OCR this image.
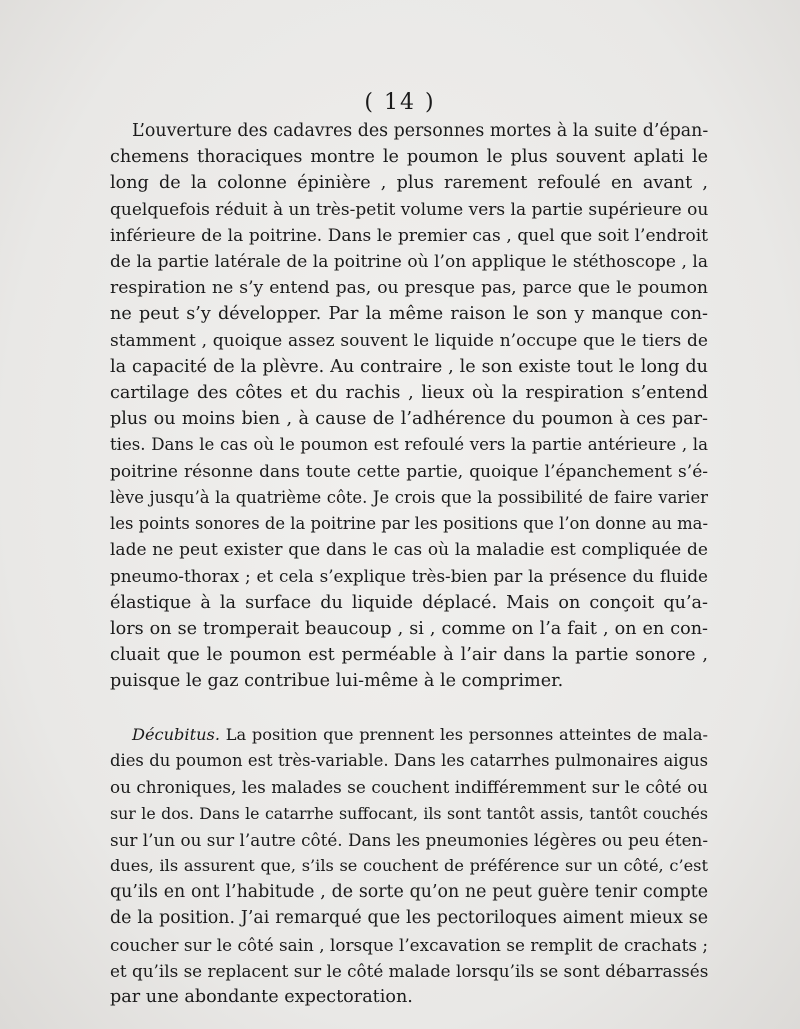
( 14 )
L’ouverture des cadavres des personnes mortes à la suite d’épan-
chemens thoraciques montre le poumon le plus souvent aplati le
long de la colonne épinière , plus rarement refoulé en avant ,
quelquefois réduit à un très-petit volume vers la partie supérieure ou
inférieure de la poitrine. Dans le premier cas , quel que soit l’endroit
de la partie latérale de la poitrine où l’on applique le stéthoscope , la
respiration ne s’y entend pas, ou presque pas, parce que le poumon
ne peut s’y développer. Par la même raison le son y manque con-
stamment , quoique assez souvent le liquide n’occupe que le tiers de
la capacité de la plèvre. Au contraire , le son existe tout le long du
cartilage des côtes et du rachis , lieux où la respiration s’entend
plus ou moins bien , à cause de l’adhérence du poumon à ces par-
ties. Dans le cas où le poumon est refoulé vers la partie antérieure , la
poitrine résonne dans toute cette partie, quoique l’épanchement s’é-
lève jusqu’à la quatrième côte. Je crois que la possibilité de faire varier
les points sonores de la poitrine par les positions que l’on donne au ma-
lade ne peut exister que dans le cas où la maladie est compliquée de
pneumo-thorax ; et cela s’explique très-bien par la présence du fluide
élastique à la surface du liquide déplacé. Mais on conçoit qu’a-
lors on se tromperait beaucoup , si , comme on l’a fait , on en con-
cluait que le poumon est perméable à l’air dans la partie sonore ,
puisque le gaz contribue lui-même à le comprimer.
Décubitus. La position que prennent les personnes atteintes de mala-
dies du poumon est très-variable. Dans les catarrhes pulmonaires aigus
ou chroniques, les malades se couchent indifféremment sur le côté ou
sur le dos. Dans le catarrhe suffocant, ils sont tantôt assis, tantôt couchés
sur l’un ou sur l’autre côté. Dans les pneumonies légères ou peu éten-
dues, ils assurent que, s’ils se couchent de préférence sur un côté, c’est
qu’ils en ont l’habitude , de sorte qu’on ne peut guère tenir compte
de la position. J’ai remarqué que les pectoriloques aiment mieux se
coucher sur le côté sain , lorsque l’excavation se remplit de crachats ;
et qu’ils se replacent sur le côté malade lorsqu’ils se sont débarrassés
par une abondante expectoration.
